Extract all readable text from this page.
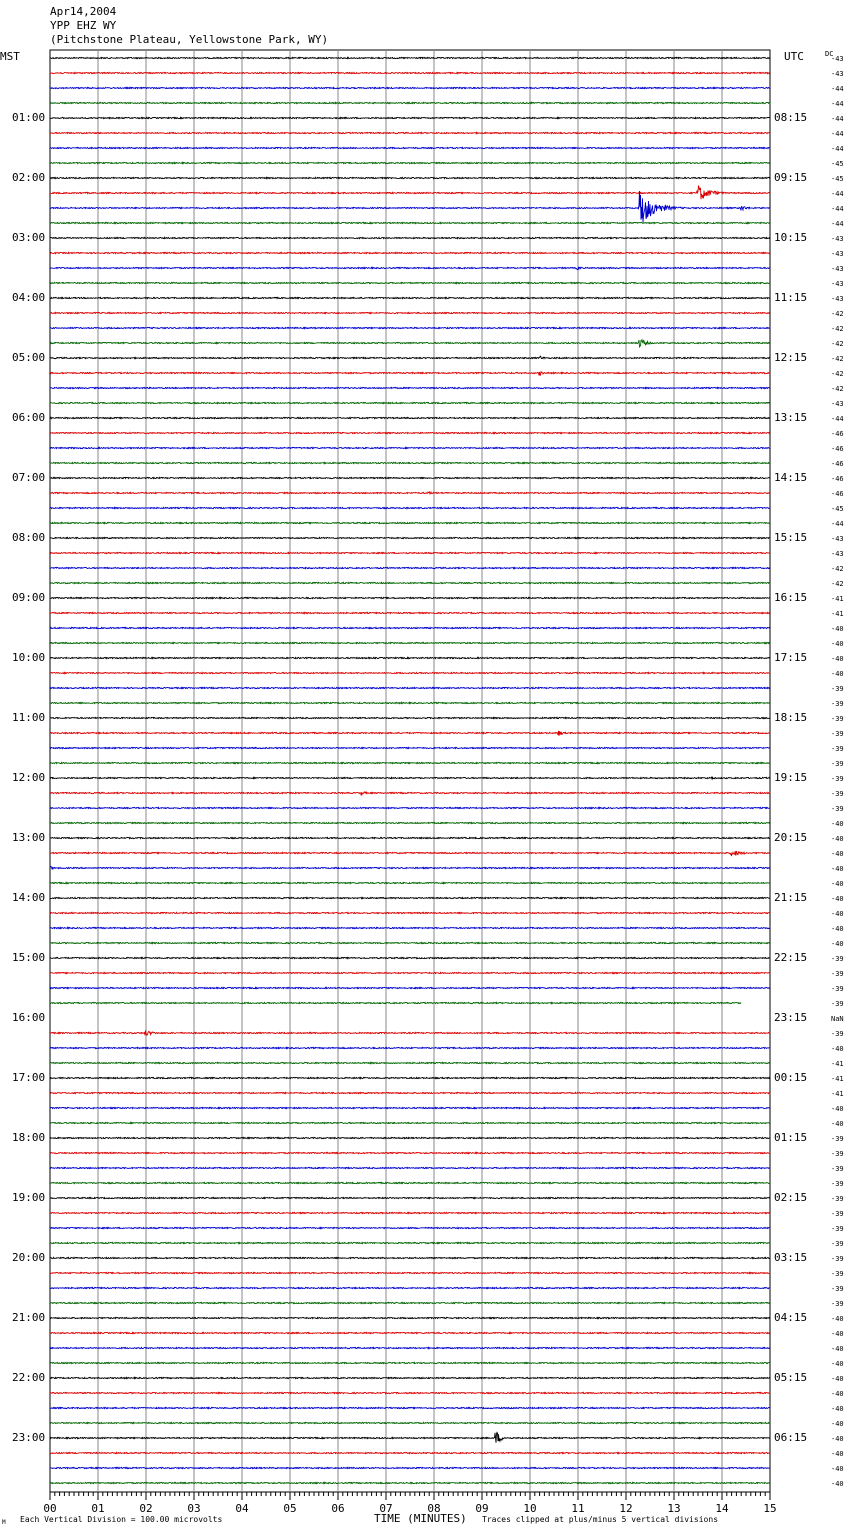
Apr14,2004
YPP EHZ WY
(Pitchstone Plateau, Yellowstone Park, WY)
MST	UTC	DC
01:00	08:15
02:00	09:15
03:00	10:15
04:00	11:15
05:00	12:15
06:00	13:15
07:00	14:15
08:00	15:15
09:00	16:15
10:00	17:15
11:00	18:15
12:00	19:15
13:00	20:15
14:00	21:15
15:00	22:15
16:00	23:15
17:00	00:15
18:00	01:15
19:00	02:15
20:00	03:15
21:00	04:15
22:00	05:15
23:00	06:15
-43
-43
-44
-44
-44
-44
-44
-45
-45
-44
-44
-44
-43
-43
-43
-43
-43
-42
-42
-42
-42
-42
-42
-43
-44
-46
-46
-46
-46
-46
-45
-44
-43
-43
-42
-42
-41
-41
-40
-40
-40
-40
-39
-39
-39
-39
-39
-39
-39
-39
-39
-40
-40
-40
-40
-40
-40
-40
-40
-40
-39
-39
-39
-39
NaN
-39
-40
-41
-41
-41
-40
-40
-39
-39
-39
-39
-39
-39
-39
-39
-39
-39
-39
-39
-40
-40
-40
-40
-40
-40
-40
-40
-40
-40
-40
-40
00	01	02	03	04	05	06	07	08	09	10	11	12	13	14	15
M Each Vertical Division = 100.00 microvolts	TIME (MINUTES) Traces clipped at plus/minus 5 vertical divisions
